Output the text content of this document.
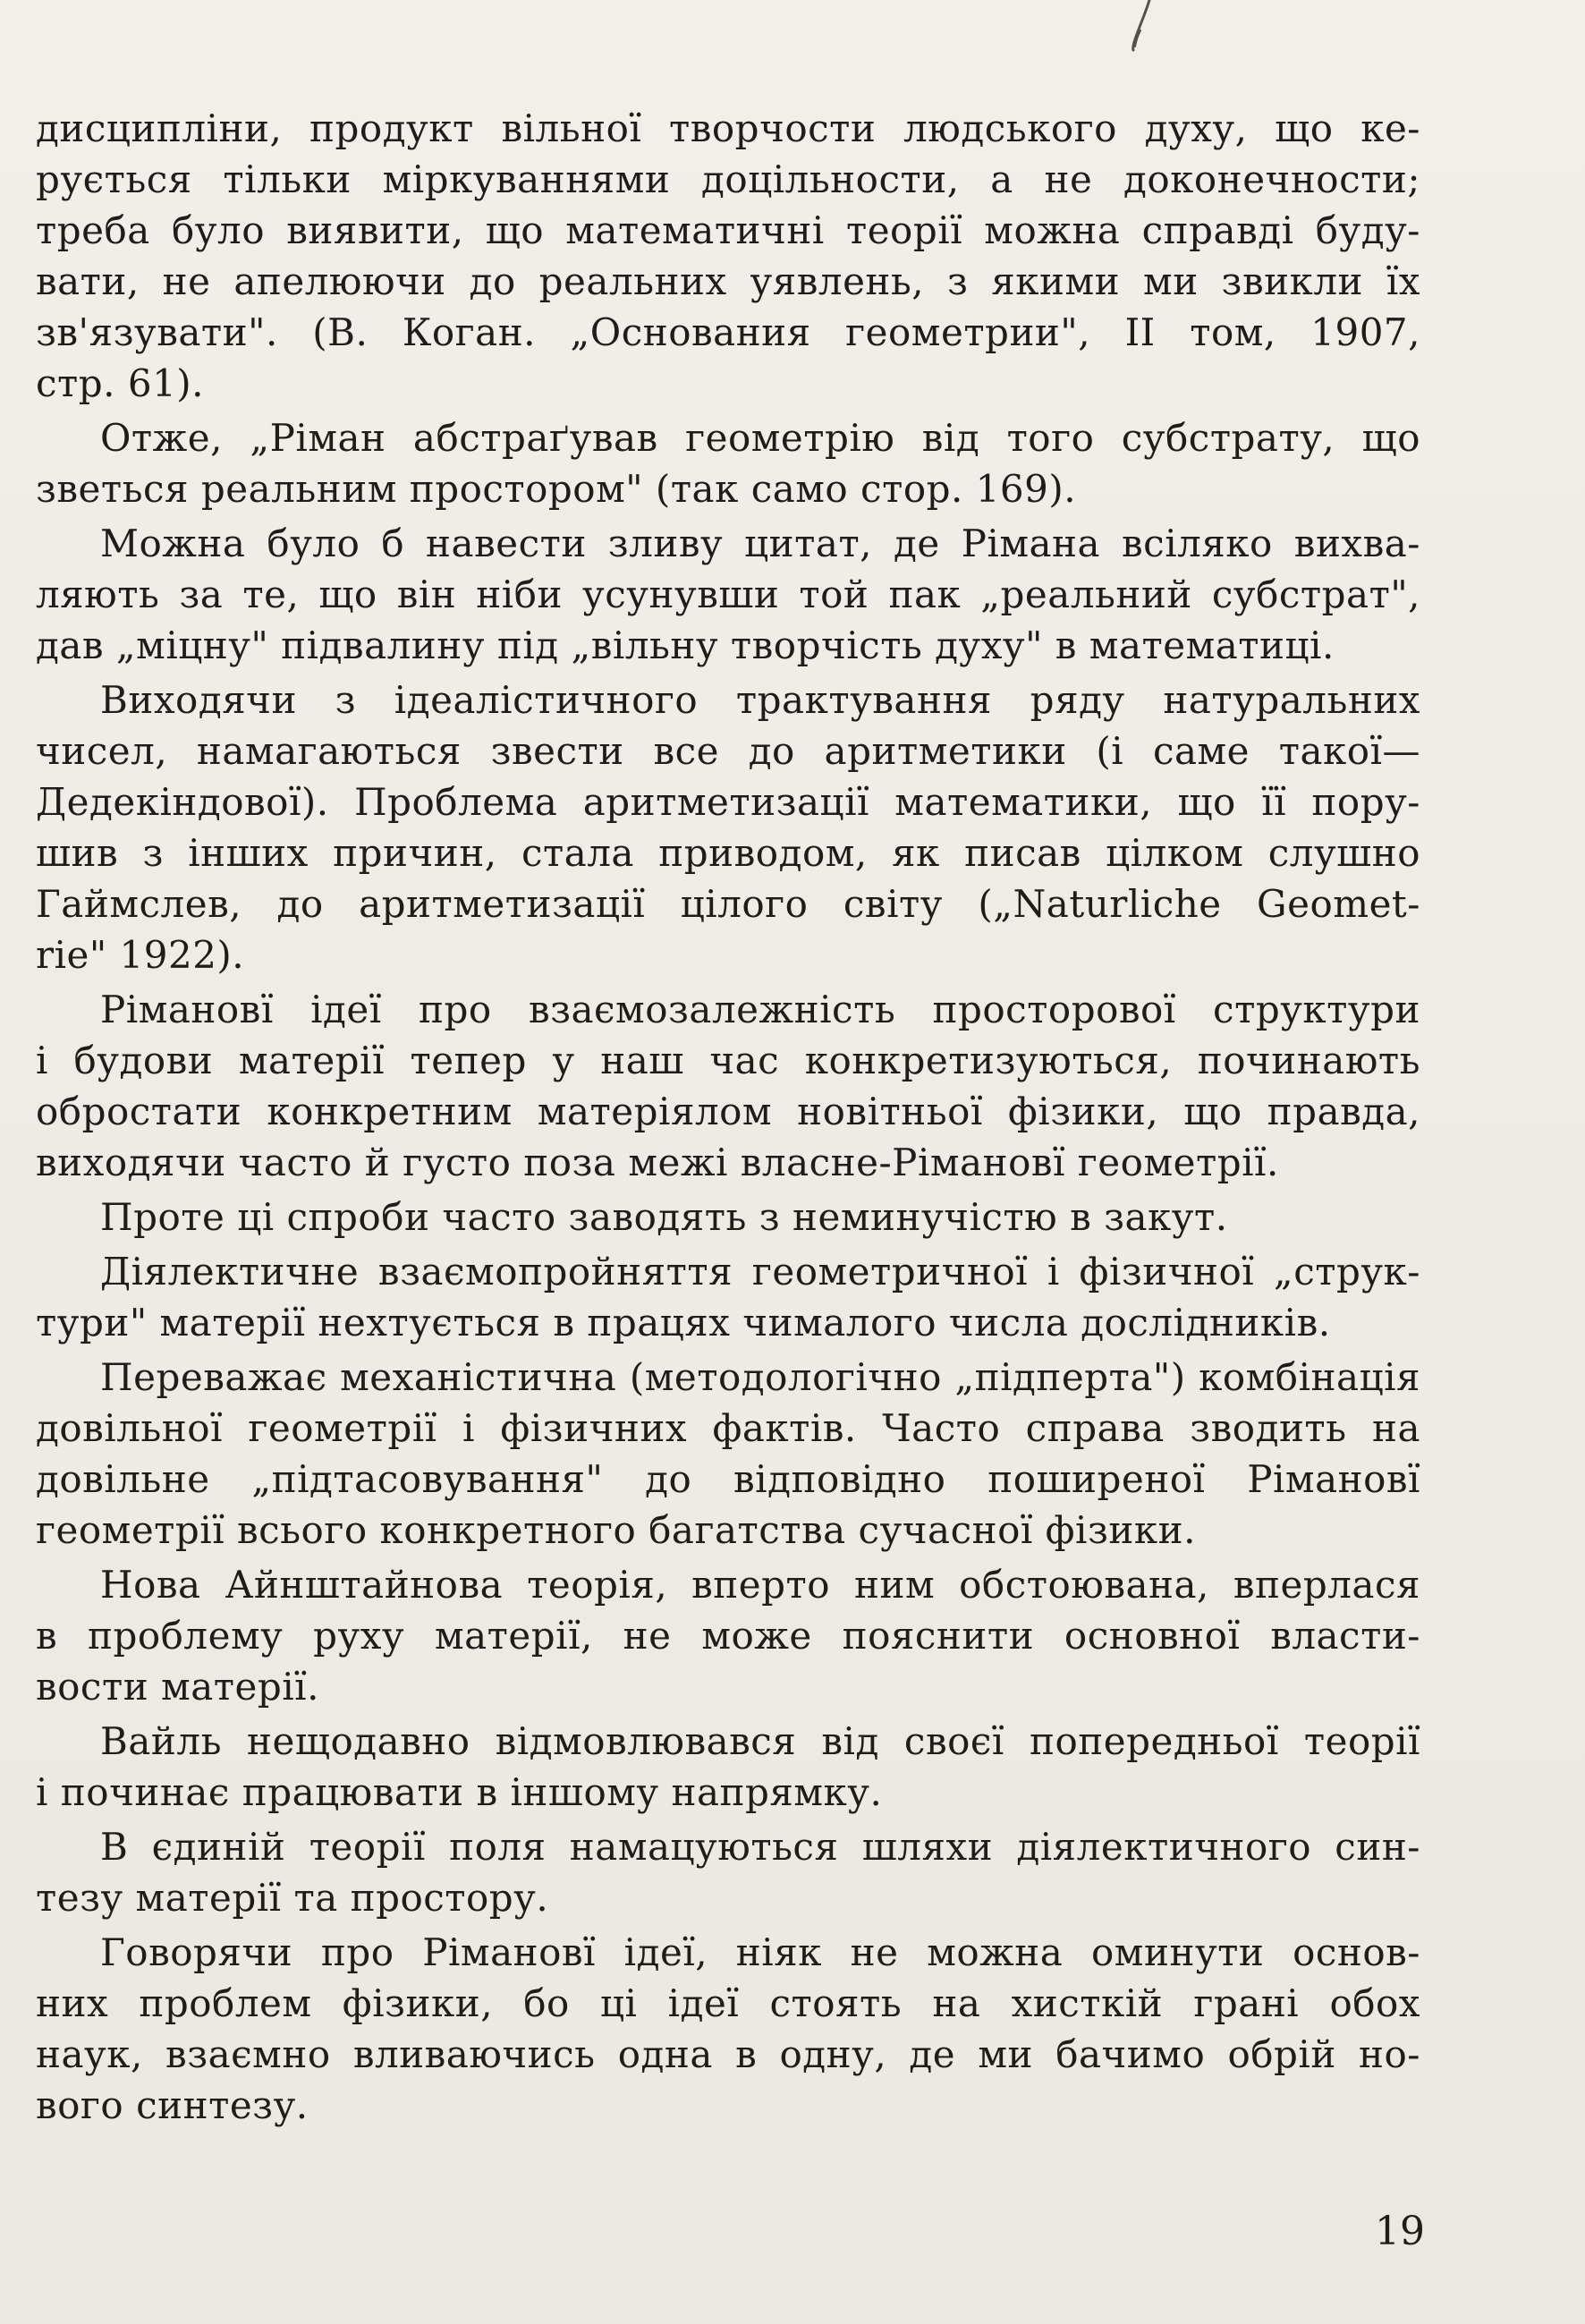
дисципліни, продукт вільної творчости людського духу, що ке-
рується тільки міркуваннями доцільности, а не доконечности;
треба було виявити, що математичні теорії можна справді буду-
вати, не апелюючи до реальних уявлень, з якими ми звикли їх
зв'язувати". (В. Коган. „Основания геометрии", II том, 1907,
стр. 61).
Отже, „Ріман абстраґував геометрію від того субстрату, що
зветься реальним простором" (так само стор. 169).
Можна було б навести зливу цитат, де Рімана всіляко вихва-
ляють за те, що він ніби усунувши той пак „реальний субстрат",
дав „міцну" підвалину під „вільну творчість духу" в математиці.
Виходячи з ідеалістичного трактування ряду натуральних
чисел, намагаються звести все до аритметики (і саме такої—
Дедекіндової). Проблема аритметизації математики, що її пору-
шив з інших причин, стала приводом, як писав цілком слушно
Гаймслев, до аритметизації цілого світу („Naturliche Geomet-
rie" 1922).
Рімановї ідеї про взаємозалежність просторової структури
і будови матерії тепер у наш час конкретизуються, починають
обростати конкретним матеріялом новітньої фізики, що правда,
виходячи часто й густо поза межі власне-Рімановї геометрії.
Проте ці спроби часто заводять з неминучістю в закут.
Діялектичне взаємопройняття геометричної і фізичної „струк-
тури" матерії нехтується в працях чималого числа дослідників.
Переважає механістична (методологічно „підперта") комбінація
довільної геометрії і фізичних фактів. Часто справа зводить на
довільне „підтасовування" до відповідно поширеної Рімановї
геометрії всього конкретного багатства сучасної фізики.
Нова Айнштайнова теорія, вперто ним обстоювана, вперлася
в проблему руху матерії, не може пояснити основної власти-
вости матерії.
Вайль нещодавно відмовлювався від своєї попередньої теорії
і починає працювати в іншому напрямку.
В єдиній теорії поля намацуються шляхи діялектичного син-
тезу матерії та простору.
Говорячи про Рімановї ідеї, ніяк не можна оминути основ-
них проблем фізики, бо ці ідеї стоять на хисткій грані обох
наук, взаємно вливаючись одна в одну, де ми бачимо обрій но-
вого синтезу.
19
